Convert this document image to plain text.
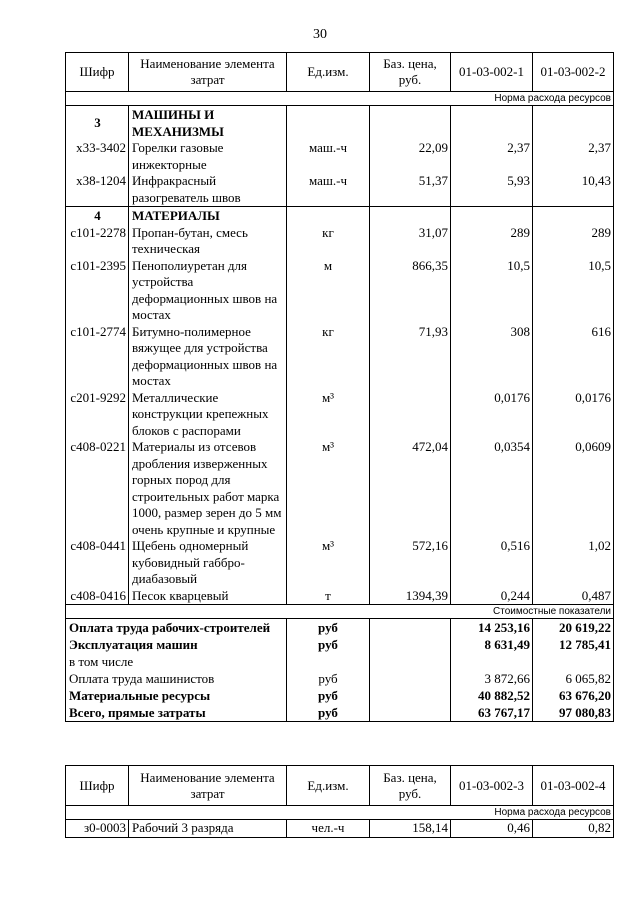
30
Шифр	Наименование элемента затрат	Ед.изм.	Баз. цена, руб.	01-03-002-1	01-03-002-2
Норма расхода ресурсов					
3	МАШИНЫ И МЕХАНИЗМЫ				
х33-3402	Горелки газовые инжекторные	маш.-ч	22,09	2,37	2,37
х38-1204	Инфракрасный разогреватель швов	маш.-ч	51,37	5,93	10,43
4	МАТЕРИАЛЫ				
с101-2278	Пропан-бутан, смесь техническая	кг	31,07	289	289
с101-2395	Пенополиуретан для устройства деформационных швов на мостах	м	866,35	10,5	10,5
с101-2774	Битумно-полимерное вяжущее для устройства деформационных швов на мостах	кг	71,93	308	616
с201-9292	Металлические конструкции крепежных блоков с распорами	м³		0,0176	0,0176
с408-0221	Материалы из отсевов дробления изверженных горных пород для строительных работ марка 1000, размер зерен до 5 мм очень крупные и крупные	м³	472,04	0,0354	0,0609
с408-0441	Щебень одномерный кубовидный габбро-диабазовый	м³	572,16	0,516	1,02
с408-0416	Песок кварцевый	т	1394,39	0,244	0,487
Стоимостные показатели					
Оплата труда рабочих-строителей		руб		14 253,16	20 619,22
Эксплуатация машин		руб		8 631,49	12 785,41
в том числе					
Оплата труда машинистов		руб		3 872,66	6 065,82
Материальные ресурсы		руб		40 882,52	63 676,20
Всего, прямые затраты		руб		63 767,17	97 080,83
Шифр	Наименование элемента затрат	Ед.изм.	Баз. цена, руб.	01-03-002-3	01-03-002-4
Норма расхода ресурсов					
з0-0003	Рабочий 3 разряда	чел.-ч	158,14	0,46	0,82
